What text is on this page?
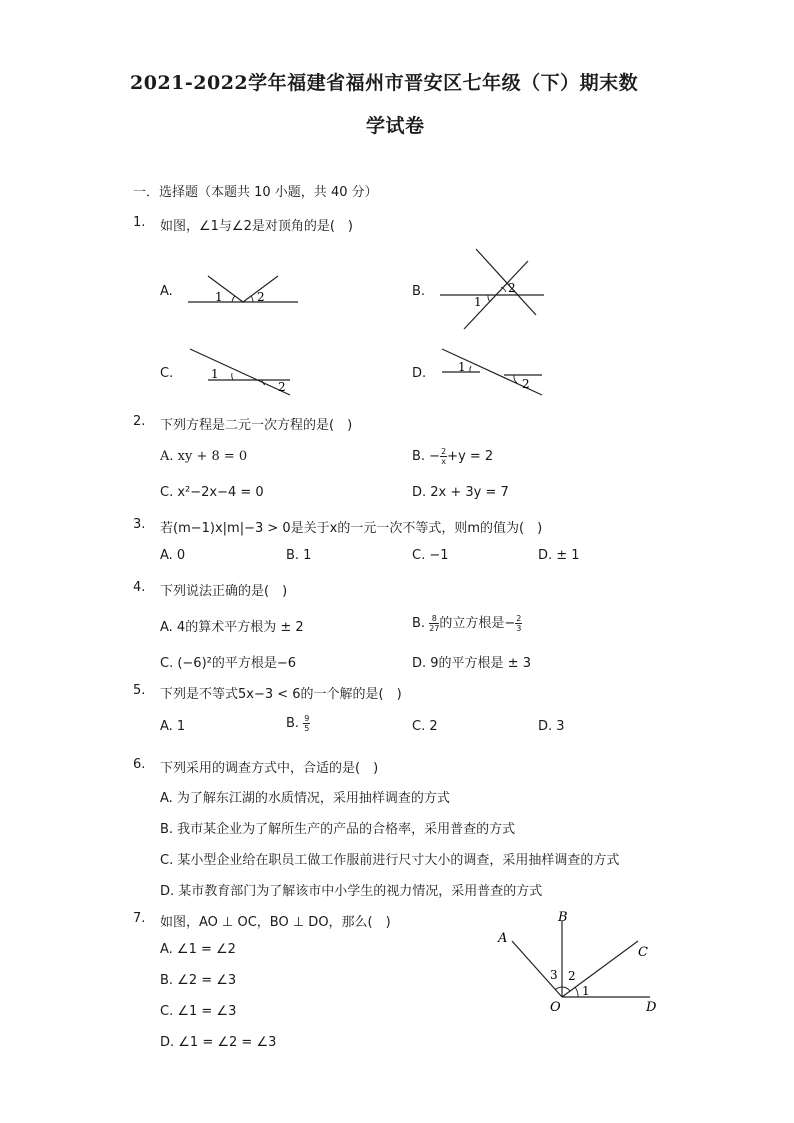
2021-2022学年福建省福州市晋安区七年级（下）期末数
学试卷
一．选择题（本题共 10 小题，共 40 分）
1. 如图，∠1与∠2是对顶角的是(　)
A.	1	2	B.
1
2
C.	1
2
D.	1
2
2. 下列方程是二元一次方程的是(　)
A. xy + 8 = 0	B. − $\frac{2}{x} +y = 2$
C. x²−2x−4 = 0	D. 2x + 3y = 7
3. 若(m−1)x|m|−3 > 0是关于x的一元一次不等式，则m的值为(　)
A. 0	B. 1	C. −1	D. ± 1
4. 下列说法正确的是(　)
A. 4的算术平方根为 ± 2	B. $\frac{8}{27}$ 的立方根是− $\frac{2}{3}$
C. (−6)²的平方根是−6	D. 9的平方根是 ± 3
5. 下列是不等式5x−3 < 6的一个解的是(　)
A. 1	B. $\frac{9}{5}$	C. 2	D. 3
6. 下列采用的调查方式中，合适的是(　)
A. 为了解东江湖的水质情况，采用抽样调查的方式
B. 我市某企业为了解所生产的产品的合格率，采用普查的方式
C. 某小型企业给在职员工做工作服前进行尺寸大小的调查，采用抽样调查的方式
D. 某市教育部门为了解该市中小学生的视力情况，采用普查的方式
7. 如图，AO ⊥ OC，BO ⊥ DO，那么(　)
A. ∠1 = ∠2
B. ∠2 = ∠3
C. ∠1 = ∠3
D. ∠1 = ∠2 = ∠3
A
B
C
D
O
1
2
3
